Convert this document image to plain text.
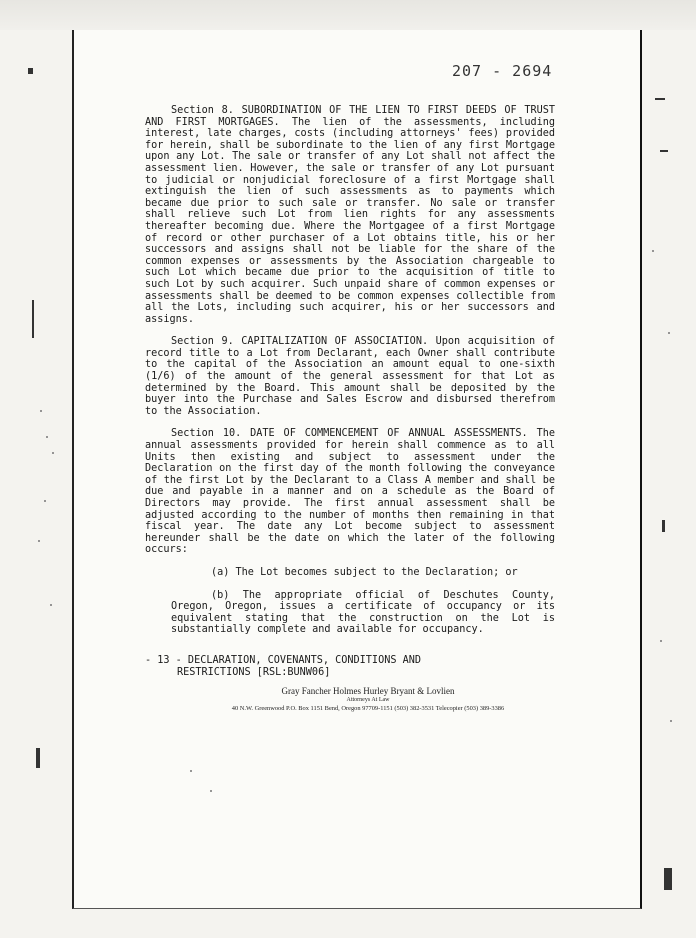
207 - 2694

Section 8. SUBORDINATION OF THE LIEN TO FIRST DEEDS OF TRUST AND FIRST MORTGAGES. The lien of the assessments, including interest, late charges, costs (including attorneys' fees) provided for herein, shall be subordinate to the lien of any first Mortgage upon any Lot. The sale or transfer of any Lot shall not affect the assessment lien. However, the sale or transfer of any Lot pursuant to judicial or nonjudicial foreclosure of a first Mortgage shall extinguish the lien of such assessments as to payments which became due prior to such sale or transfer. No sale or transfer shall relieve such Lot from lien rights for any assessments thereafter becoming due. Where the Mortgagee of a first Mortgage of record or other purchaser of a Lot obtains title, his or her successors and assigns shall not be liable for the share of the common expenses or assessments by the Association chargeable to such Lot which became due prior to the acquisition of title to such Lot by such acquirer. Such unpaid share of common expenses or assessments shall be deemed to be common expenses collectible from all the Lots, including such acquirer, his or her successors and assigns.

Section 9. CAPITALIZATION OF ASSOCIATION. Upon acquisition of record title to a Lot from Declarant, each Owner shall contribute to the capital of the Association an amount equal to one-sixth (1/6) of the amount of the general assessment for that Lot as determined by the Board. This amount shall be deposited by the buyer into the Purchase and Sales Escrow and disbursed therefrom to the Association.

Section 10. DATE OF COMMENCEMENT OF ANNUAL ASSESSMENTS. The annual assessments provided for herein shall commence as to all Units then existing and subject to assessment under the Declaration on the first day of the month following the conveyance of the first Lot by the Declarant to a Class A member and shall be due and payable in a manner and on a schedule as the Board of Directors may provide. The first annual assessment shall be adjusted according to the number of months then remaining in that fiscal year. The date any Lot become subject to assessment hereunder shall be the date on which the later of the following occurs:

(a) The Lot becomes subject to the Declaration; or

(b) The appropriate official of Deschutes County, Oregon, Oregon, issues a certificate of occupancy or its equivalent stating that the construction on the Lot is substantially complete and available for occupancy.

- 13 - DECLARATION, COVENANTS, CONDITIONS AND
RESTRICTIONS [RSL:BUNW06]
Gray Fancher Holmes Hurley Bryant & Lovlien
Attorneys At Law
40 N.W. Greenwood P.O. Box 1151 Bend, Oregon 97709-1151 (503) 382-3531 Telecopier (503) 389-3386
